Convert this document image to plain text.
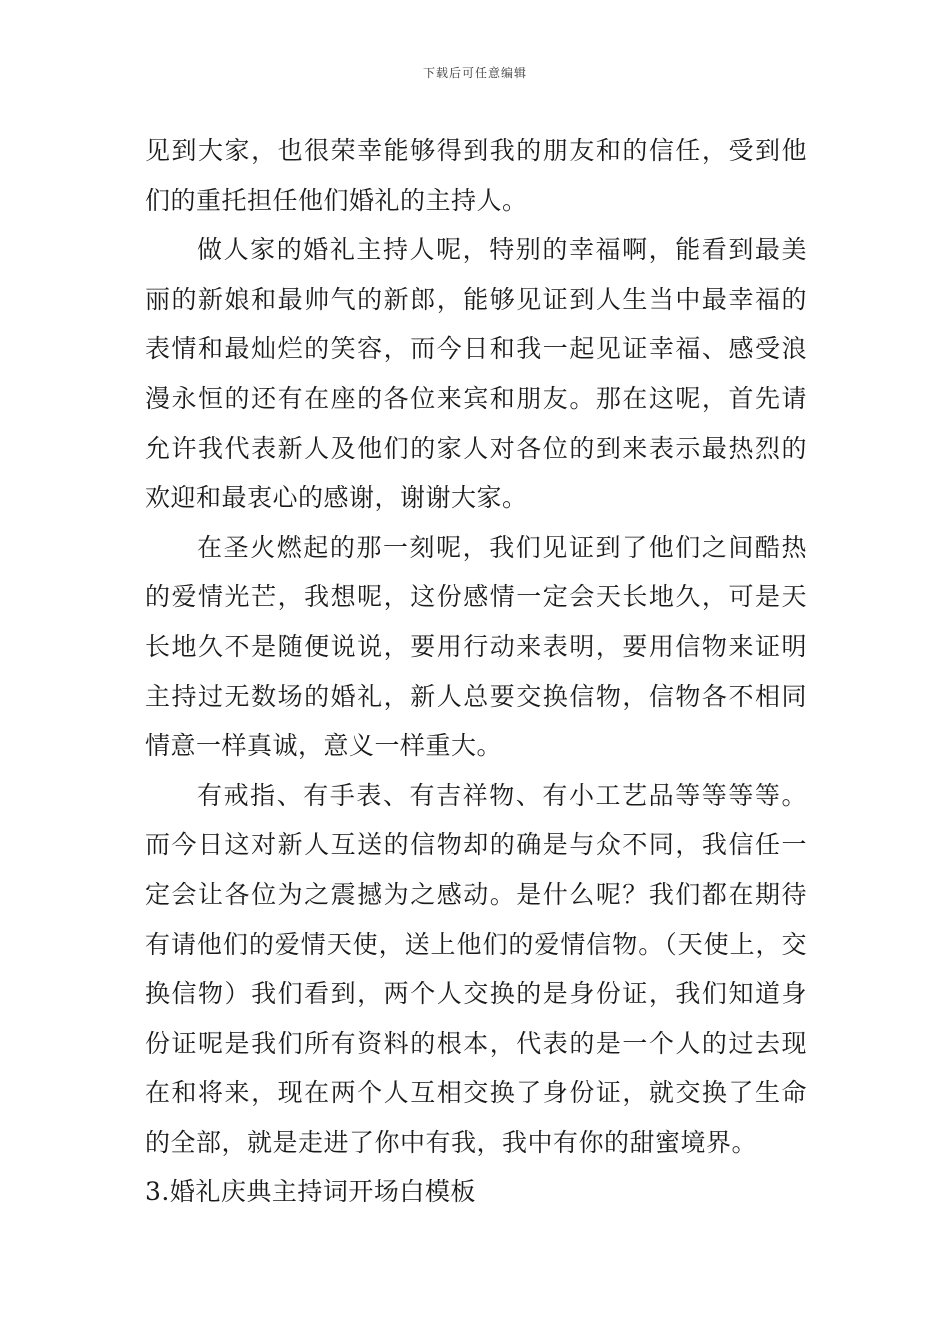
下载后可任意编辑

见到大家，也很荣幸能够得到我的朋友和的信任，受到他们的重托担任他们婚礼的主持人。

做人家的婚礼主持人呢，特别的幸福啊，能看到最美丽的新娘和最帅气的新郎，能够见证到人生当中最幸福的表情和最灿烂的笑容，而今日和我一起见证幸福、感受浪漫永恒的还有在座的各位来宾和朋友。那在这呢，首先请允许我代表新人及他们的家人对各位的到来表示最热烈的欢迎和最衷心的感谢，谢谢大家。

在圣火燃起的那一刻呢，我们见证到了他们之间酷热的爱情光芒，我想呢，这份感情一定会天长地久，可是天长地久不是随便说说，要用行动来表明，要用信物来证明主持过无数场的婚礼，新人总要交换信物，信物各不相同情意一样真诚，意义一样重大。

有戒指、有手表、有吉祥物、有小工艺品等等等等。而今日这对新人互送的信物却的确是与众不同，我信任一定会让各位为之震撼为之感动。是什么呢？我们都在期待有请他们的爱情天使，送上他们的爱情信物。（天使上，交换信物）我们看到，两个人交换的是身份证，我们知道身份证呢是我们所有资料的根本，代表的是一个人的过去现在和将来，现在两个人互相交换了身份证，就交换了生命的全部，就是走进了你中有我，我中有你的甜蜜境界。

3.婚礼庆典主持词开场白模板
